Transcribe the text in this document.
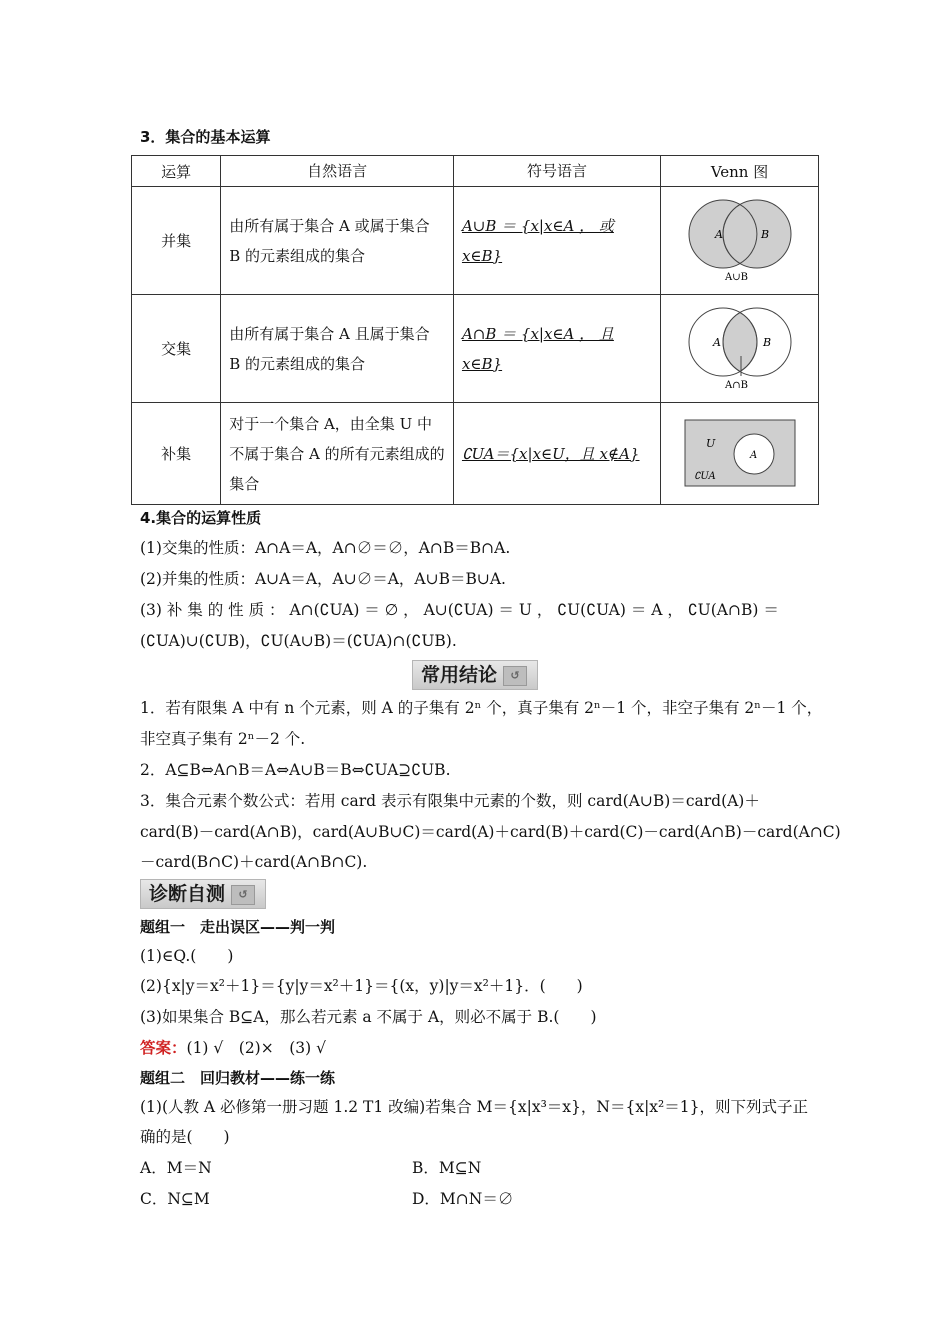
3．集合的基本运算
运算	自然语言	符号语言	Venn 图
并集	由所有属于集合 A 或属于集合 B 的元素组成的集合	A∪B ＝ {x|x∈A ， 或 x∈B}	A B
A∪B

交集	由所有属于集合 A 且属于集合 B 的元素组成的集合	A∩B ＝ {x|x∈A ， 且 x∈B}	A B
A∩B

补集	对于一个集合 A，由全集 U 中不属于集合 A 的所有元素组成的集合	∁UA＝{x|x∈U，且 x∉A}	U
A
∁UA
4.集合的运算性质
(1)交集的性质：A∩A＝A，A∩∅＝∅，A∩B＝B∩A.
(2)并集的性质：A∪A＝A，A∪∅＝A，A∪B＝B∪A.
(3) 补 集 的 性 质 ： A∩(∁UA) ＝ ∅ ， A∪(∁UA) ＝ U ， ∁U(∁UA) ＝ A ， ∁U(A∩B) ＝
(∁UA)∪(∁UB)，∁U(A∪B)＝(∁UA)∩(∁UB).
常用结论 ↺
1．若有限集 A 中有 n 个元素，则 A 的子集有 2ⁿ 个，真子集有 2ⁿ－1 个，非空子集有 2ⁿ－1 个，
非空真子集有 2ⁿ－2 个.
2．A⊆B⇔A∩B＝A⇔A∪B＝B⇔∁UA⊇∁UB.
3．集合元素个数公式：若用 card 表示有限集中元素的个数，则 card(A∪B)＝card(A)＋
card(B)－card(A∩B)，card(A∪B∪C)＝card(A)＋card(B)＋card(C)－card(A∩B)－card(A∩C)
－card(B∩C)＋card(A∩B∩C).
诊断自测 ↺
题组一　走出误区——判一判
(1)∈Q.(　　)
(2){x|y＝x²＋1}＝{y|y＝x²＋1}＝{(x，y)|y＝x²＋1}．(　　)
(3)如果集合 B⊆A，那么若元素 a 不属于 A，则必不属于 B.(　　)
答案：(1) √　(2)×　(3) √
题组二　回归教材——练一练
(1)(人教 A 必修第一册习题 1.2 T1 改编)若集合 M＝{x|x³＝x}，N＝{x|x²＝1}，则下列式子正
确的是(　　)
A．M＝N	B．M⊆N
C．N⊆M	D．M∩N＝∅
